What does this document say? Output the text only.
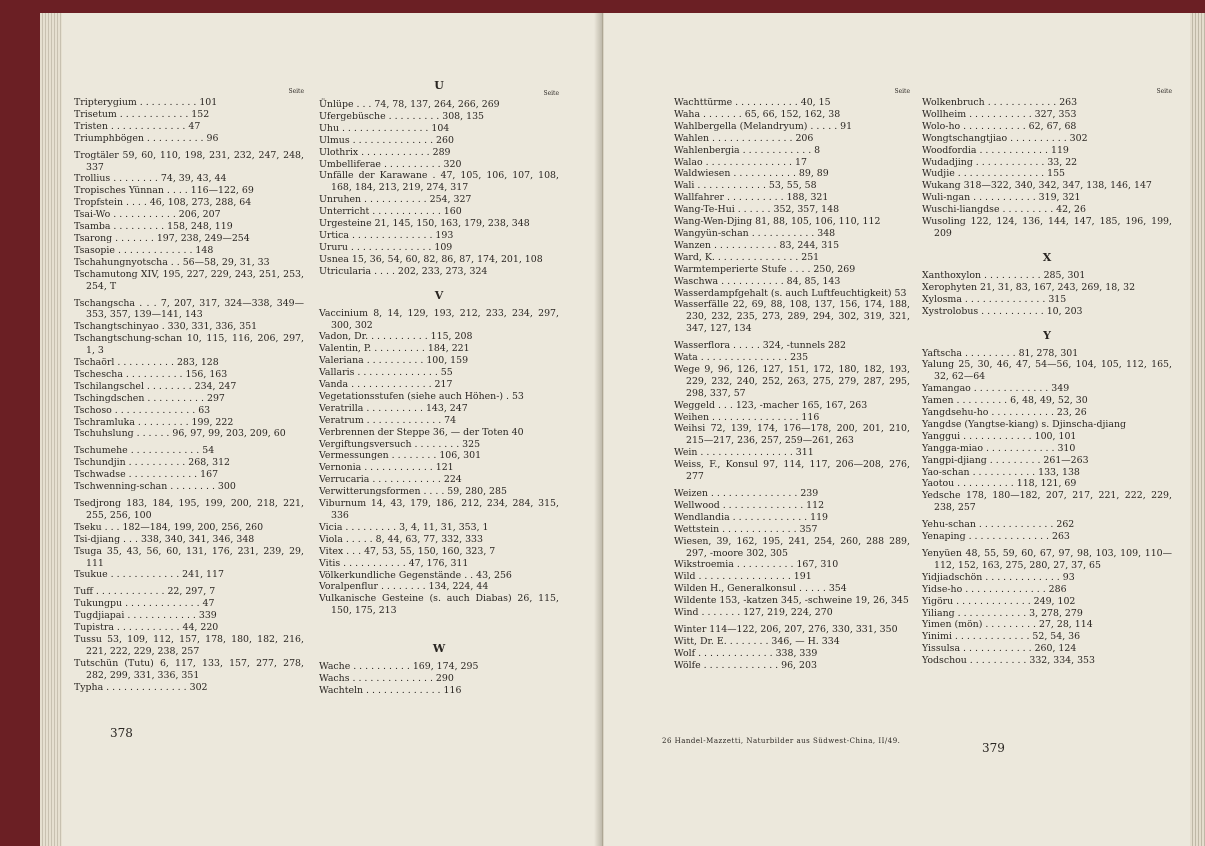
Seite
Tripterygium . . . . . . . . . . 101
Trisetum . . . . . . . . . . . . 152
Tristen . . . . . . . . . . . . . 47
Triumphbögen . . . . . . . . . . 96
Trogtäler 59, 60, 110, 198, 231, 232, 247, 248, 337
Trollius . . . . . . . . 74, 39, 43, 44
Tropisches Yünnan . . . . 116—122, 69
Tropfstein . . . . 46, 108, 273, 288, 64
Tsai-Wo . . . . . . . . . . . 206, 207
Tsamba . . . . . . . . . 158, 248, 119
Tsarong . . . . . . . 197, 238, 249—254
Tsasopie . . . . . . . . . . . . . 148
Tschahungnyotscha . . 56—58, 29, 31, 33
Tschamutong XIV, 195, 227, 229, 243, 251, 253, 254, T
Tschangscha . . . 7, 207, 317, 324—338, 349—353, 357, 139—141, 143
Tschangtschinyao . 330, 331, 336, 351
Tschangtschung-schan 10, 115, 116, 206, 297, 1, 3
Tschaörl . . . . . . . . . . 283, 128
Tschescha . . . . . . . . . . 156, 163
Tschilangschel . . . . . . . . 234, 247
Tschingdschen . . . . . . . . . . 297
Tschoso . . . . . . . . . . . . . . 63
Tschramluka . . . . . . . . . 199, 222
Tschuhslung . . . . . . 96, 97, 99, 203, 209, 60
Tschumehe . . . . . . . . . . . . 54
Tschundjin . . . . . . . . . . 268, 312
Tschwadse . . . . . . . . . . . . 167
Tschwenning-schan . . . . . . . . 300
Tsedjrong 183, 184, 195, 199, 200, 218, 221, 255, 256, 100
Tseku . . . 182—184, 199, 200, 256, 260
Tsi-djiang . . . 338, 340, 341, 346, 348
Tsuga 35, 43, 56, 60, 131, 176, 231, 239, 29, 111
Tsukue . . . . . . . . . . . . 241, 117
Tuff . . . . . . . . . . . . 22, 297, 7
Tukungpu . . . . . . . . . . . . . 47
Tugdjiapai . . . . . . . . . . . . 339
Tupistra . . . . . . . . . . . 44, 220
Tussu 53, 109, 112, 157, 178, 180, 182, 216, 221, 222, 229, 238, 257
Tutschün (Tutu) 6, 117, 133, 157, 277, 278, 282, 299, 331, 336, 351
Typha . . . . . . . . . . . . . . 302
U
Seite
Ünlüpe . . . 74, 78, 137, 264, 266, 269
Ufergebüsche . . . . . . . . . 308, 135
Uhu . . . . . . . . . . . . . . . 104
Ulmus . . . . . . . . . . . . . . 260
Ulothrix . . . . . . . . . . . . 289
Umbelliferae . . . . . . . . . . 320
Unfälle der Karawane . 47, 105, 106, 107, 108, 168, 184, 213, 219, 274, 317
Unruhen . . . . . . . . . . . 254, 327
Unterricht . . . . . . . . . . . . 160
Urgesteine 21, 145, 150, 163, 179, 238, 348
Urtica . . . . . . . . . . . . . . 193
Ururu . . . . . . . . . . . . . . 109
Usnea 15, 36, 54, 60, 82, 86, 87, 174, 201, 108
Utricularia . . . . 202, 233, 273, 324
V
Vaccinium 8, 14, 129, 193, 212, 233, 234, 297, 300, 302
Vadon, Dr. . . . . . . . . . . 115, 208
Valentin, P. . . . . . . . . . 184, 221
Valeriana . . . . . . . . . . 100, 159
Vallaris . . . . . . . . . . . . . . 55
Vanda . . . . . . . . . . . . . . 217
Vegetationsstufen (siehe auch Höhen-) . 53
Veratrilla . . . . . . . . . . 143, 247
Veratrum . . . . . . . . . . . . . 74
Verbrennen der Steppe 36, — der Toten 40
Vergiftungsversuch . . . . . . . . 325
Vermessungen . . . . . . . . 106, 301
Vernonia . . . . . . . . . . . . 121
Verrucaria . . . . . . . . . . . . 224
Verwitterungsformen . . . . 59, 280, 285
Viburnum 14, 43, 179, 186, 212, 234, 284, 315, 336
Vicia . . . . . . . . . 3, 4, 11, 31, 353, 1
Viola . . . . . 8, 44, 63, 77, 332, 333
Vitex . . . 47, 53, 55, 150, 160, 323, 7
Vitis . . . . . . . . . . . 47, 176, 311
Völkerkundliche Gegenstände . . 43, 256
Voralpenflur . . . . . . . . 134, 224, 44
Vulkanische Gesteine (s. auch Diabas) 26, 115, 150, 175, 213
W
Wache . . . . . . . . . . 169, 174, 295
Wachs . . . . . . . . . . . . . . 290
Wachteln . . . . . . . . . . . . . 116
378
Seite
Wachttürme . . . . . . . . . . . 40, 15
Waha . . . . . . . 65, 66, 152, 162, 38
Wahlbergella (Melandryum) . . . . . 91
Wahlen . . . . . . . . . . . . . . 206
Wahlenbergia . . . . . . . . . . . . 8
Walao . . . . . . . . . . . . . . . 17
Waldwiesen . . . . . . . . . . . 89, 89
Wali . . . . . . . . . . . . 53, 55, 58
Wallfahrer . . . . . . . . . . 188, 321
Wang-Te-Hui . . . . . . 352, 357, 148
Wang-Wen-Djing 81, 88, 105, 106, 110, 112
Wangyün-schan . . . . . . . . . . . 348
Wanzen . . . . . . . . . . . 83, 244, 315
Ward, K. . . . . . . . . . . . . . . 251
Warmtemperierte Stufe . . . . 250, 269
Waschwa . . . . . . . . . . . 84, 85, 143
Wasserdampfgehalt (s. auch Luftfeuchtigkeit) 53
Wasserfälle 22, 69, 88, 108, 137, 156, 174, 188, 230, 232, 235, 273, 289, 294, 302, 319, 321, 347, 127, 134
Wasserflora . . . . . 324, -tunnels 282
Wata . . . . . . . . . . . . . . . 235
Wege 9, 96, 126, 127, 151, 172, 180, 182, 193, 229, 232, 240, 252, 263, 275, 279, 287, 295, 298, 337, 57
Weggeld . . . 123, -macher 165, 167, 263
Weihen . . . . . . . . . . . . . . . 116
Weihsi 72, 139, 174, 176—178, 200, 201, 210, 215—217, 236, 257, 259—261, 263
Wein . . . . . . . . . . . . . . . . 311
Weiss, F., Konsul 97, 114, 117, 206—208, 276, 277
Weizen . . . . . . . . . . . . . . . 239
Wellwood . . . . . . . . . . . . . . 112
Wendlandia . . . . . . . . . . . . . 119
Wettstein . . . . . . . . . . . . . 357
Wiesen, 39, 162, 195, 241, 254, 260, 288 289, 297, -moore 302, 305
Wikstroemia . . . . . . . . . . 167, 310
Wild . . . . . . . . . . . . . . . . 191
Wilden H., Generalkonsul . . . . . 354
Wildente 153, -katzen 345, -schweine 19, 26, 345
Wind . . . . . . . 127, 219, 224, 270
Winter 114—122, 206, 207, 276, 330, 331, 350
Witt, Dr. E. . . . . . . . 346, — H. 334
Wolf . . . . . . . . . . . . . 338, 339
Wölfe . . . . . . . . . . . . . 96, 203
Seite
Wolkenbruch . . . . . . . . . . . . 263
Wollheim . . . . . . . . . . . 327, 353
Wolo-ho . . . . . . . . . . . 62, 67, 68
Wongtschangtjiao . . . . . . . . . . 302
Woodfordia . . . . . . . . . . . . 119
Wudadjing . . . . . . . . . . . . 33, 22
Wudjie . . . . . . . . . . . . . . . 155
Wukang 318—322, 340, 342, 347, 138, 146, 147
Wuli-ngan . . . . . . . . . . . 319, 321
Wuschi-liangdse . . . . . . . . . 42, 26
Wusoling 122, 124, 136, 144, 147, 185, 196, 199, 209
X
Xanthoxylon . . . . . . . . . . 285, 301
Xerophyten 21, 31, 83, 167, 243, 269, 18, 32
Xylosma . . . . . . . . . . . . . . 315
Xystrolobus . . . . . . . . . . . 10, 203
Y
Yaftscha . . . . . . . . . 81, 278, 301
Yalung 25, 30, 46, 47, 54—56, 104, 105, 112, 165, 32, 62—64
Yamangao . . . . . . . . . . . . . 349
Yamen . . . . . . . . . 6, 48, 49, 52, 30
Yangdsehu-ho . . . . . . . . . . . 23, 26
Yangdse (Yangtse-kiang) s. Djinscha-djiang
Yanggui . . . . . . . . . . . . 100, 101
Yangga-miao . . . . . . . . . . . . 310
Yangpi-djiang . . . . . . . . . 261—263
Yao-schan . . . . . . . . . . . 133, 138
Yaotou . . . . . . . . . . 118, 121, 69
Yedsche 178, 180—182, 207, 217, 221, 222, 229, 238, 257
Yehu-schan . . . . . . . . . . . . . 262
Yenaping . . . . . . . . . . . . . . 263
Yenyüen 48, 55, 59, 60, 67, 97, 98, 103, 109, 110—112, 152, 163, 275, 280, 27, 37, 65
Yidjiadschön . . . . . . . . . . . . . 93
Yidse-ho . . . . . . . . . . . . . . 286
Yigöru . . . . . . . . . . . . . 249, 102
Yiliang . . . . . . . . . . . . 3, 278, 279
Yimen (mön) . . . . . . . . . 27, 28, 114
Yinimi . . . . . . . . . . . . . 52, 54, 36
Yissulsa . . . . . . . . . . . . 260, 124
Yodschou . . . . . . . . . . 332, 334, 353
26 Handel-Mazzetti, Naturbilder aus Südwest-China, II/49.	379
